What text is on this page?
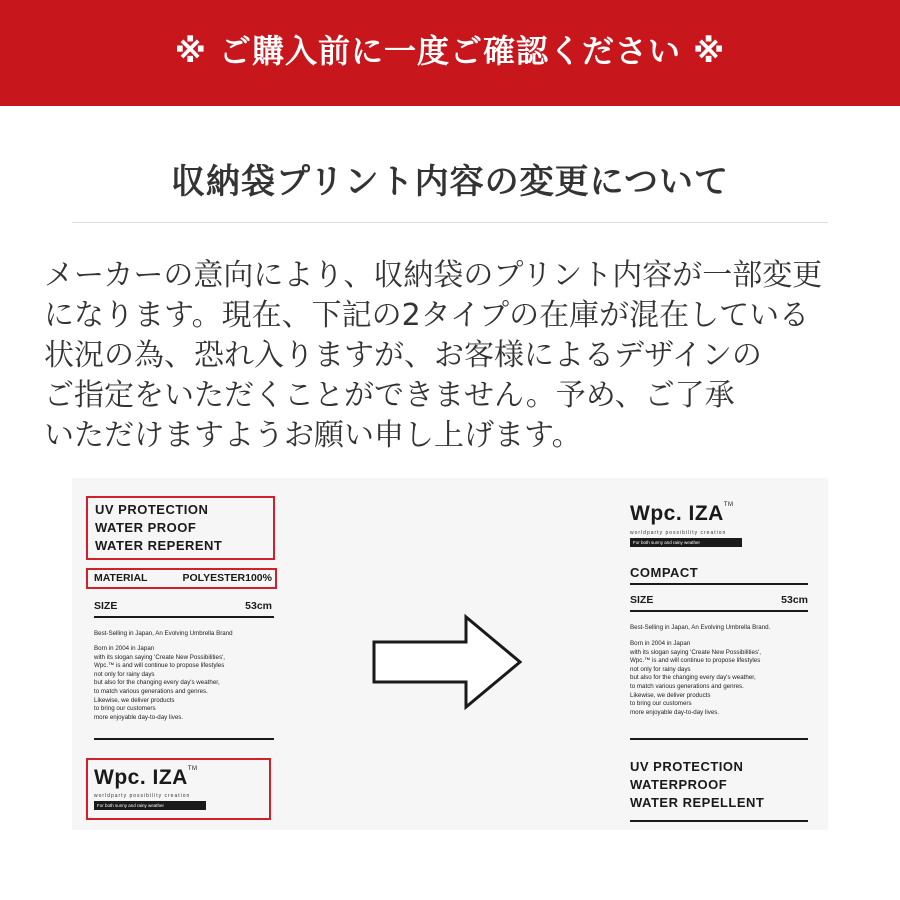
※ ご購入前に一度ご確認ください ※
収納袋プリント内容の変更について
メーカーの意向により、収納袋のプリント内容が一部変更
になります。現在、下記の2タイプの在庫が混在している
状況の為、恐れ入りますが、お客様によるデザインの
ご指定をいただくことができません。予め、ご了承
いただけますようお願い申し上げます。
UV PROTECTION
WATER PROOF
WATER REPERENT
MATERIAL	POLYESTER100%
SIZE	53cm
Best-Selling in Japan, An Evolving Umbrella Brand
Born in 2004 in Japan
with its slogan saying 'Create New Possibilities',
Wpc.™ is and will continue to propose lifestyles
not only for rainy days
but also for the changing every day's weather,
to match various generations and genres.
Likewise, we deliver products
to bring our customers
more enjoyable day-to-day lives.
Wpc. IZA™
worldparty possibility creation
For both sunny and rainy weather
Wpc. IZA™
worldparty possibility creation
For both sunny and rainy weather
COMPACT
SIZE	53cm
Best-Selling in Japan, An Evolving Umbrella Brand.
Born in 2004 in Japan
with its slogan saying 'Create New Possibilities',
Wpc.™ is and will continue to propose lifestyles
not only for rainy days
but also for the changing every day's weather,
to match various generations and genres.
Likewise, we deliver products
to bring our customers
more enjoyable day-to-day lives.
UV PROTECTION
WATERPROOF
WATER REPELLENT
